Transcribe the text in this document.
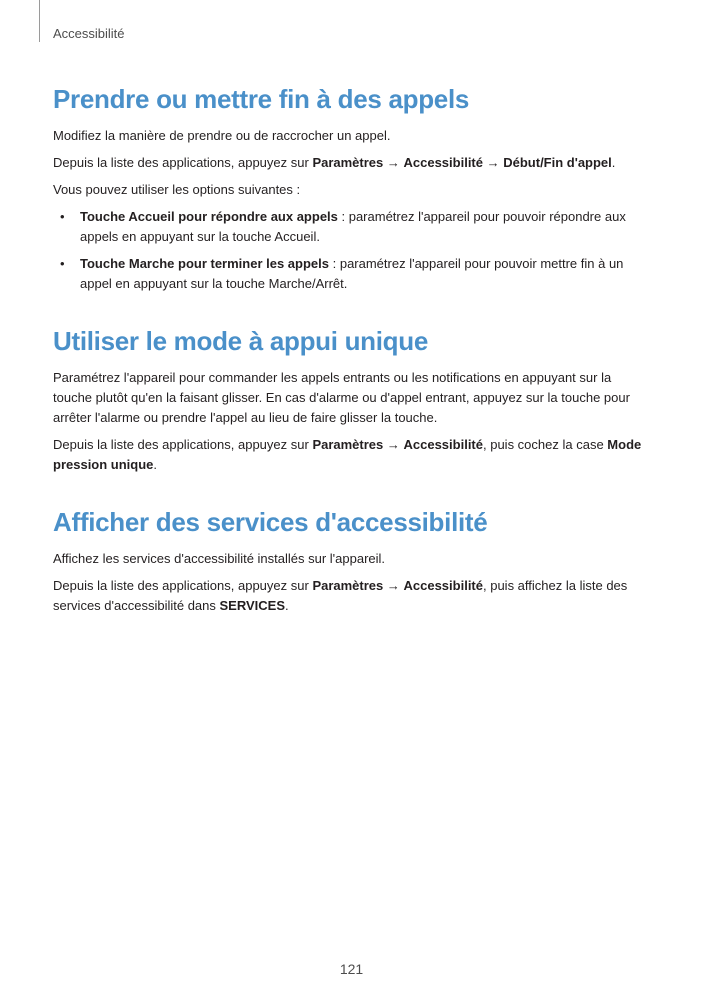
Accessibilité
Prendre ou mettre fin à des appels

Modifiez la manière de prendre ou de raccrocher un appel.

Depuis la liste des applications, appuyez sur Paramètres → Accessibilité → Début/Fin d'appel.

Vous pouvez utiliser les options suivantes :

• Touche Accueil pour répondre aux appels : paramétrez l'appareil pour pouvoir répondre aux appels en appuyant sur la touche Accueil.
• Touche Marche pour terminer les appels : paramétrez l'appareil pour pouvoir mettre fin à un appel en appuyant sur la touche Marche/Arrêt.
Utiliser le mode à appui unique

Paramétrez l'appareil pour commander les appels entrants ou les notifications en appuyant sur la touche plutôt qu'en la faisant glisser. En cas d'alarme ou d'appel entrant, appuyez sur la touche pour arrêter l'alarme ou prendre l'appel au lieu de faire glisser la touche.

Depuis la liste des applications, appuyez sur Paramètres → Accessibilité, puis cochez la case Mode pression unique.

Afficher des services d'accessibilité

Affichez les services d'accessibilité installés sur l'appareil.

Depuis la liste des applications, appuyez sur Paramètres → Accessibilité, puis affichez la liste des services d'accessibilité dans SERVICES.

121
